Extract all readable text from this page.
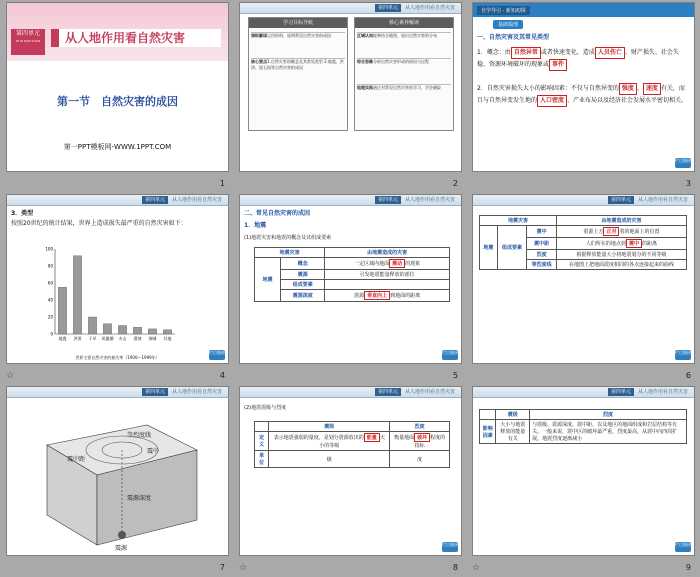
第四单元
DI SI DAN YUAN	从人地作用看自然灾害
第一节　自然灾害的成因
第一PPT模板网-WWW.1PPT.COM
1
第四单元	从人地作用看自然灾害
学习目标导航
课标解读运用资料，说明常见自然灾害的成因
核心要点1.自然灾害的概念及其常见类型 2.地震、洪涝、泥石流等自然灾害的成因
核心素养解读
区域认知能够结合地图，说出自然灾害的分布
综合思维分析自然灾害形成的原因与过程
地理实践通过对常见自然灾害的学习，学会避险
2
自学导引 · 新知初探
基础梳理
一、自然灾害及其常见类型
1．概念：由 自然异常 或者快速变化，造成 人员伤亡 、财产损失、社会失稳、资源环境破坏的现象或 事件
2．自然灾害损失大小的影响因素：不仅与自然异变的 强度 、 速度 有关，而且与自然异变发生地的 人口密度 、产业布局以及经济社会发展水平密切相关。
栏目链接
3
第四单元	从人地作用看自然灾害
3．类型
按照20世纪的统计结果，世界上造成损失最严重的自然灾害如下：
0
20
40
60
80
100
地震 洪涝 干旱 风暴潮 火山 滑坡 海啸 其他
世界主要自然灾害的损失率（1900—1999年）
栏目链接
☆	4
第四单元	从人地作用看自然灾害
二、常见自然灾害的成因
1．地震
(1)地震灾害和地震的概念及其组成要素
地震灾害		由地震造成的灾害
地震	概念	一定区域内地面 震动 的现象
	震源	引发地震能量释放的部位
	组成要素	
	震源深度	震源 垂直向上 到地面的距离
栏目链接
5
第四单元	从人地作用看自然灾害
地震灾害			由地震造成的灾害
地震	组成要素	震中	震源上方 正对 着的地面上的位置
		震中距	人们所在的地点到 震中 的距离
		烈度	根据释放能量大小将地震划分的不同等级
		等烈度线	在地图上把地面震度相同的各点连接起来的曲线
栏目链接
6
第四单元	从人地作用看自然灾害
等烈度线
震中
震中距
震源深度
震源
7
第四单元	从人地作用看自然灾害
(2)地震震级与烈度
	震级	烈度
定义	表示地震强弱的量度，是划分震源放出的 能量 大小的等级	衡量地面 破坏 程度的指标
单位	级	度
栏目链接
☆	8
第四单元	从人地作用看自然灾害
	震级	烈度
影响因素	大小与地震释放的能量有关	与震级、震源深度、震中距，以及地区的地面组成和岩层结构等有关。一般来说，震中区的破坏最严重，烈度最高，从震中向四周扩展，地震烈度逐渐减小
栏目链接
☆	9
